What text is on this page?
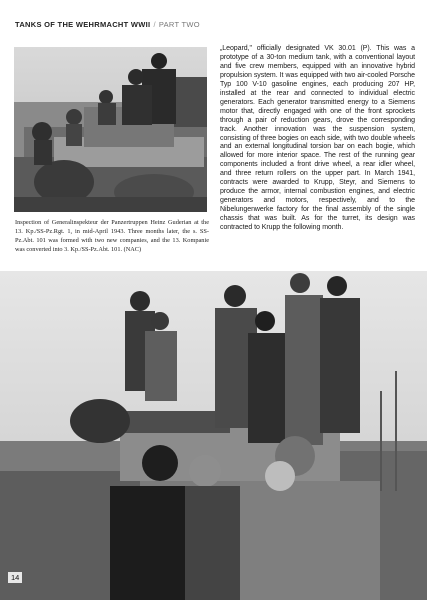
TANKS OF THE WEHRMACHT WWII / PART TWO
Inspection of Generalinspekteur der Panzertruppen Heinz Guderian at the 13. Kp./SS-Pz.Rgt. 1, in mid-April 1943. Three months later, the s. SS-Pz.Abt. 101 was formed with two new companies, and the 13. Kompanie was converted into 3. Kp./SS-Pz.Abt. 101. (NAC)

„Leopard," officially designated VK 30.01 (P). This was a prototype of a 30-ton medium tank, with a conventional layout and five crew members, equipped with an innovative hybrid propulsion system. It was equipped with two air-cooled Porsche Typ 100 V-10 gasoline engines, each producing 207 HP, installed at the rear and connected to individual electric generators. Each generator transmitted energy to a Siemens motor that, directly engaged with one of the front sprockets through a pair of reduction gears, drove the corresponding track. Another innovation was the suspension system, consisting of three bogies on each side, with two double wheels and an external longitudinal torsion bar on each bogie, which allowed for more interior space. The rest of the running gear components included a front drive wheel, a rear idler wheel, and three return rollers on the upper part. In March 1941, contracts were awarded to Krupp, Steyr, and Siemens to produce the armor, internal combustion engines, and electric generators and motors, respectively, and to the Nibelungenwerke factory for the final assembly of the single chassis that was built. As for the turret, its design was contracted to Krupp the following month.

14
